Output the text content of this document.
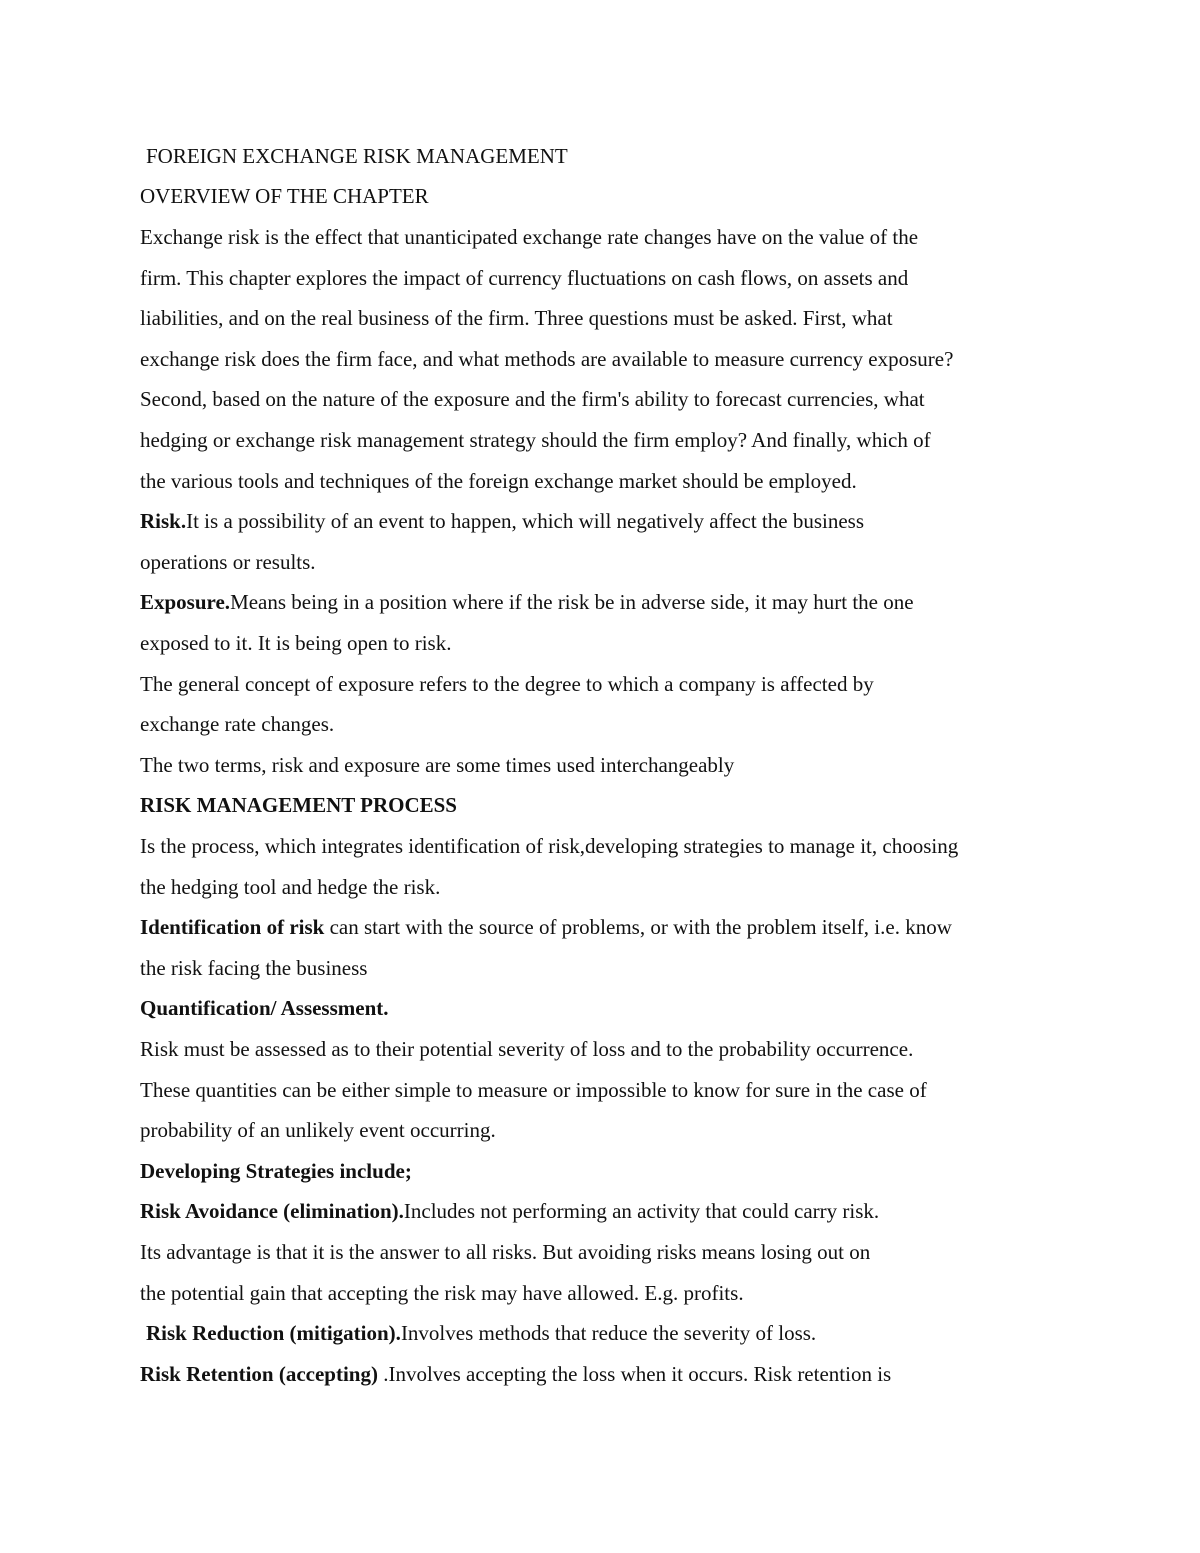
FOREIGN EXCHANGE RISK MANAGEMENT
OVERVIEW OF THE CHAPTER
Exchange risk is the effect that unanticipated exchange rate changes have on the value of the
firm. This chapter explores the impact of currency fluctuations on cash flows, on assets and
liabilities, and on the real business of the firm. Three questions must be asked. First, what
exchange risk does the firm face, and what methods are available to measure currency exposure?
Second, based on the nature of the exposure and the firm's ability to forecast currencies, what
hedging or exchange risk management strategy should the firm employ? And finally, which of
the various tools and techniques of the foreign exchange market should be employed.
Risk.It is a possibility of an event to happen, which will negatively affect the business
operations or results.
Exposure.Means being in a position where if the risk be in adverse side, it may hurt the one
exposed to it. It is being open to risk.
The general concept of exposure refers to the degree to which a company is affected by
exchange rate changes.
The two terms, risk and exposure are some times used interchangeably
RISK MANAGEMENT PROCESS
Is the process, which integrates identification of risk,developing strategies to manage it, choosing
the hedging tool and hedge the risk.
Identification of risk can start with the source of problems, or with the problem itself, i.e. know
the risk facing the business
Quantification/ Assessment.
Risk must be assessed as to their potential severity of loss and to the probability occurrence.
These quantities can be either simple to measure or impossible to know for sure in the case of
probability of an unlikely event occurring.
Developing Strategies include;
Risk Avoidance (elimination).Includes not performing an activity that could carry risk.
Its advantage is that it is the answer to all risks. But avoiding risks means losing out on
the potential gain that accepting the risk may have allowed. E.g. profits.
Risk Reduction (mitigation).Involves methods that reduce the severity of loss.
Risk Retention (accepting) .Involves accepting the loss when it occurs. Risk retention is
